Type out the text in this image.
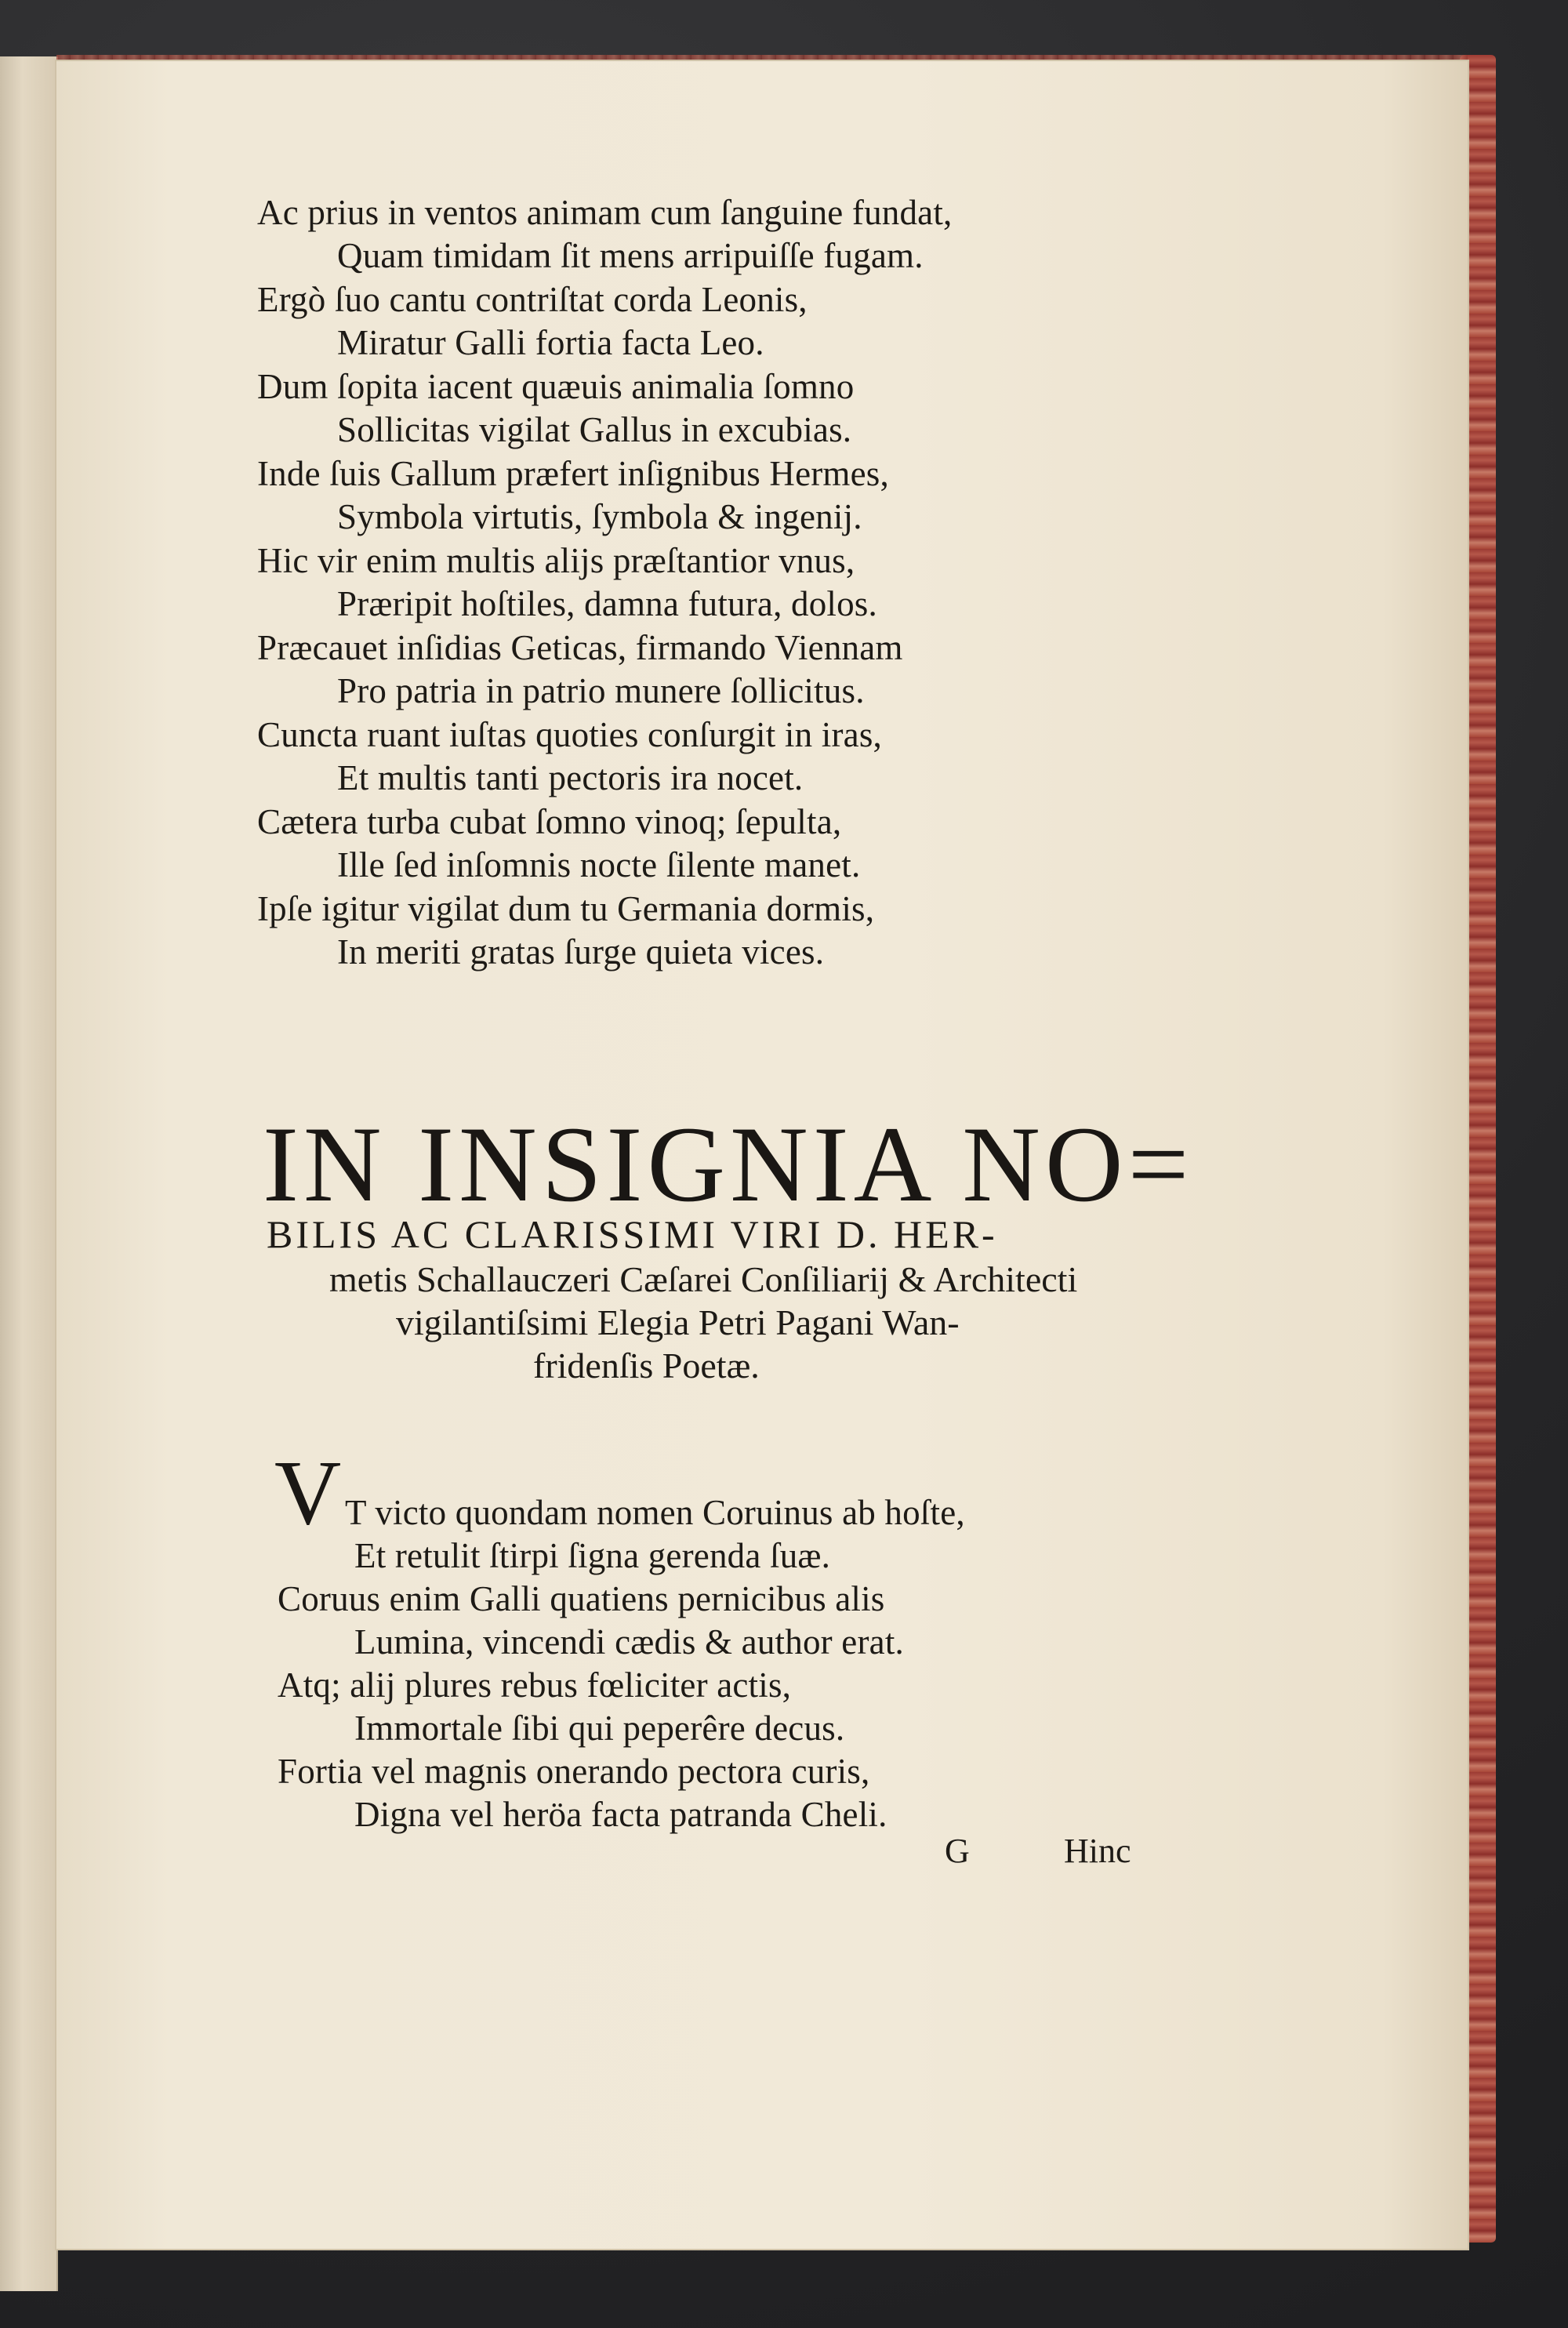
Ac prius in ventos animam cum ſanguine fundat,
Quam timidam ſit mens arripuiſſe fugam.
Ergò ſuo cantu contriſtat corda Leonis,
Miratur Galli fortia facta Leo.
Dum ſopita iacent quæuis animalia ſomno
Sollicitas vigilat Gallus in excubias.
Inde ſuis Gallum præfert inſignibus Hermes,
Symbola virtutis, ſymbola & ingenij.
Hic vir enim multis alijs præſtantior vnus,
Præripit hoſtiles, damna futura, dolos.
Præcauet inſidias Geticas, firmando Viennam
Pro patria in patrio munere ſollicitus.
Cuncta ruant iuſtas quoties conſurgit in iras,
Et multis tanti pectoris ira nocet.
Cætera turba cubat ſomno vinoq; ſepulta,
Ille ſed inſomnis nocte ſilente manet.
Ipſe igitur vigilat dum tu Germania dormis,
In meriti gratas ſurge quieta vices.
IN INSIGNIA NO=
BILIS AC CLARISSIMI VIRI D. HER-
metis Schallauczeri Cæſarei Conſiliarij & Architecti
vigilantiſsimi Elegia Petri Pagani Wan-
fridenſis Poetæ.
V T victo quondam nomen Coruinus ab hoſte,
Et retulit ſtirpi ſigna gerenda ſuæ.
Coruus enim Galli quatiens pernicibus alis
Lumina, vincendi cædis & author erat.
Atq; alij plures rebus fœliciter actis,
Immortale ſibi qui peperêre decus.
Fortia vel magnis onerando pectora curis,
Digna vel heröa facta patranda Cheli.
G	Hinc
